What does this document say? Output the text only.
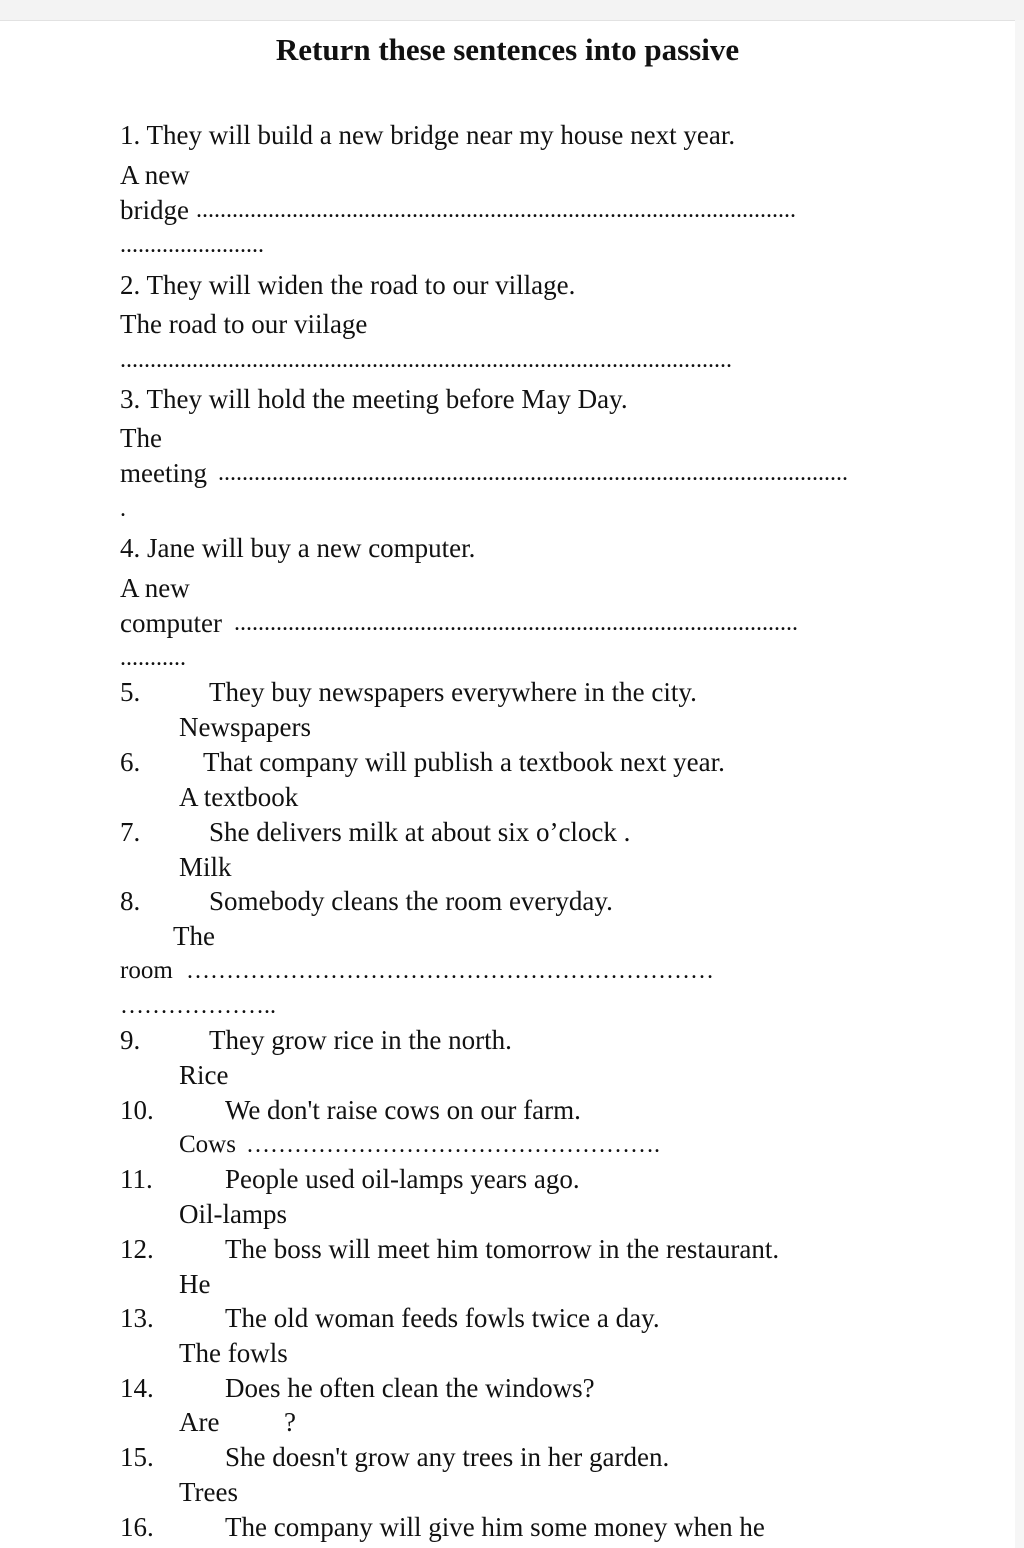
Return these sentences into passive
1. They will build a new bridge near my house next year.
A new
bridge ....................................................................................................
........................
2. They will widen the road to our village.
The road to our viilage
......................................................................................................
3. They will hold the meeting before May Day.
The
meeting .........................................................................................................
.
4. Jane will buy a new computer.
A new
computer ..............................................................................................
...........
5.	They buy newspapers everywhere in the city.
Newspapers
6. That company will publish a textbook next year.
A textbook
7.	She delivers milk at about six o’clock .
Milk
8.	Somebody cleans the room everyday.
The
room …………………………………………………………
………………..
9.	They grow rice in the north.
Rice
10.	We don't raise cows on our farm.
Cows …………………………………………….
11.	People used oil-lamps years ago.
Oil-lamps
12.	The boss will meet him tomorrow in the restaurant.
He
13.	The old woman feeds fowls twice a day.
The fowls
14.	Does he often clean the windows?
Are ?
15.	She doesn't grow any trees in her garden.
Trees
16.	The company will give him some money when he
